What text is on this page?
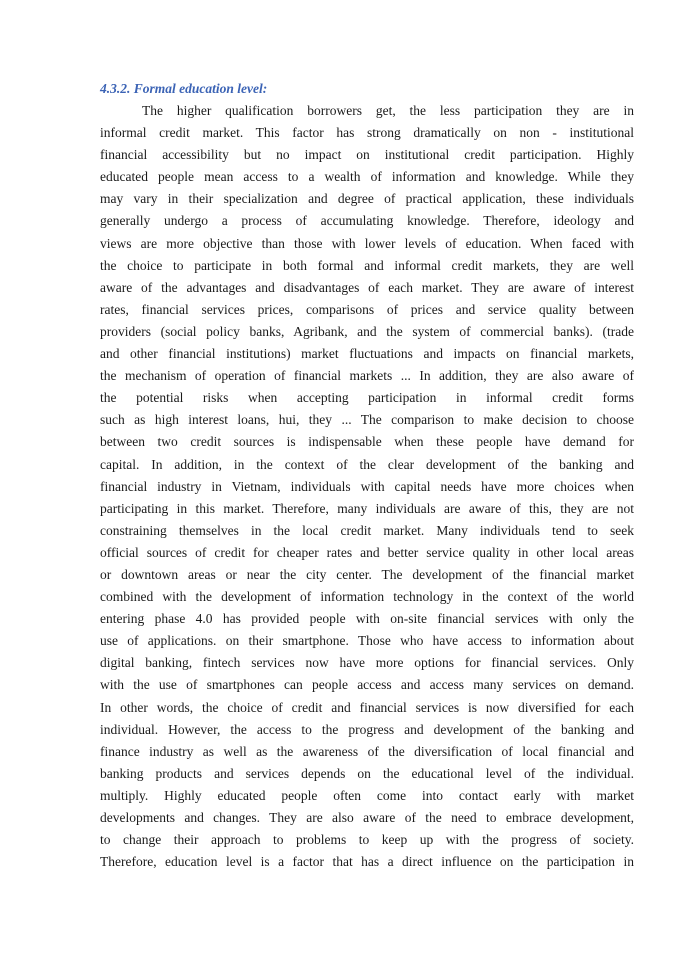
4.3.2. Formal education level:
The higher qualification borrowers get, the less participation they are in
informal credit market. This factor has strong dramatically on non - institutional
financial accessibility but no impact on institutional credit participation. Highly
educated people mean access to a wealth of information and knowledge. While they
may vary in their specialization and degree of practical application, these individuals
generally undergo a process of accumulating knowledge. Therefore, ideology and
views are more objective than those with lower levels of education. When faced with
the choice to participate in both formal and informal credit markets, they are well
aware of the advantages and disadvantages of each market. They are aware of interest
rates, financial services prices, comparisons of prices and service quality between
providers (social policy banks, Agribank, and the system of commercial banks). (trade
and other financial institutions) market fluctuations and impacts on financial markets,
the mechanism of operation of financial markets ... In addition, they are also aware of
the potential risks when accepting participation in informal credit forms
such as high interest loans, hui, they ... The comparison to make decision to choose
between two credit sources is indispensable when these people have demand for
capital. In addition, in the context of the clear development of the banking and
financial industry in Vietnam, individuals with capital needs have more choices when
participating in this market. Therefore, many individuals are aware of this, they are not
constraining themselves in the local credit market. Many individuals tend to seek
official sources of credit for cheaper rates and better service quality in other local areas
or downtown areas or near the city center. The development of the financial market
combined with the development of information technology in the context of the world
entering phase 4.0 has provided people with on-site financial services with only the
use of applications. on their smartphone. Those who have access to information about
digital banking, fintech services now have more options for financial services. Only
with the use of smartphones can people access and access many services on demand.
In other words, the choice of credit and financial services is now diversified for each
individual. However, the access to the progress and development of the banking and
finance industry as well as the awareness of the diversification of local financial and
banking products and services depends on the educational level of the individual.
multiply. Highly educated people often come into contact early with market
developments and changes. They are also aware of the need to embrace development,
to change their approach to problems to keep up with the progress of society.
Therefore, education level is a factor that has a direct influence on the participation in
